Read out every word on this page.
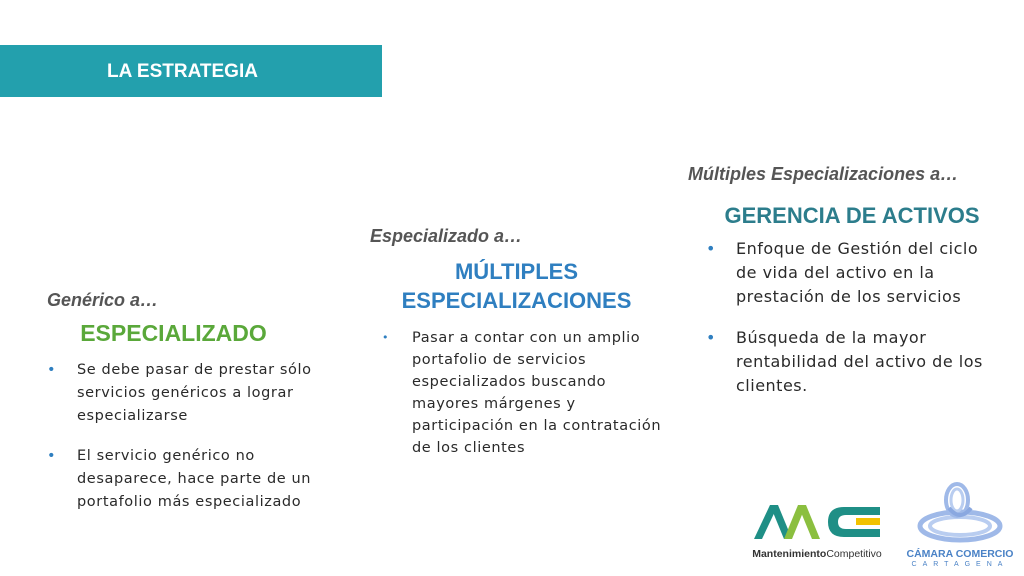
LA ESTRATEGIA
Genérico a…
ESPECIALIZADO
• Se debe pasar de prestar sólo servicios genéricos a lograr especializarse
• El servicio genérico no desaparece, hace parte de un portafolio más especializado
Especializado a…
MÚLTIPLES ESPECIALIZACIONES
• Pasar a contar con un amplio portafolio de servicios especializados buscando mayores márgenes y participación en la contratación de los clientes
Múltiples Especializaciones a…
GERENCIA DE ACTIVOS
• Enfoque de Gestión del ciclo de vida del activo en la prestación de los servicios
• Búsqueda de la mayor rentabilidad del activo de los clientes.
MantenimientoCompetitivo	CÁMARA COMERCIO
CARTAGENA
